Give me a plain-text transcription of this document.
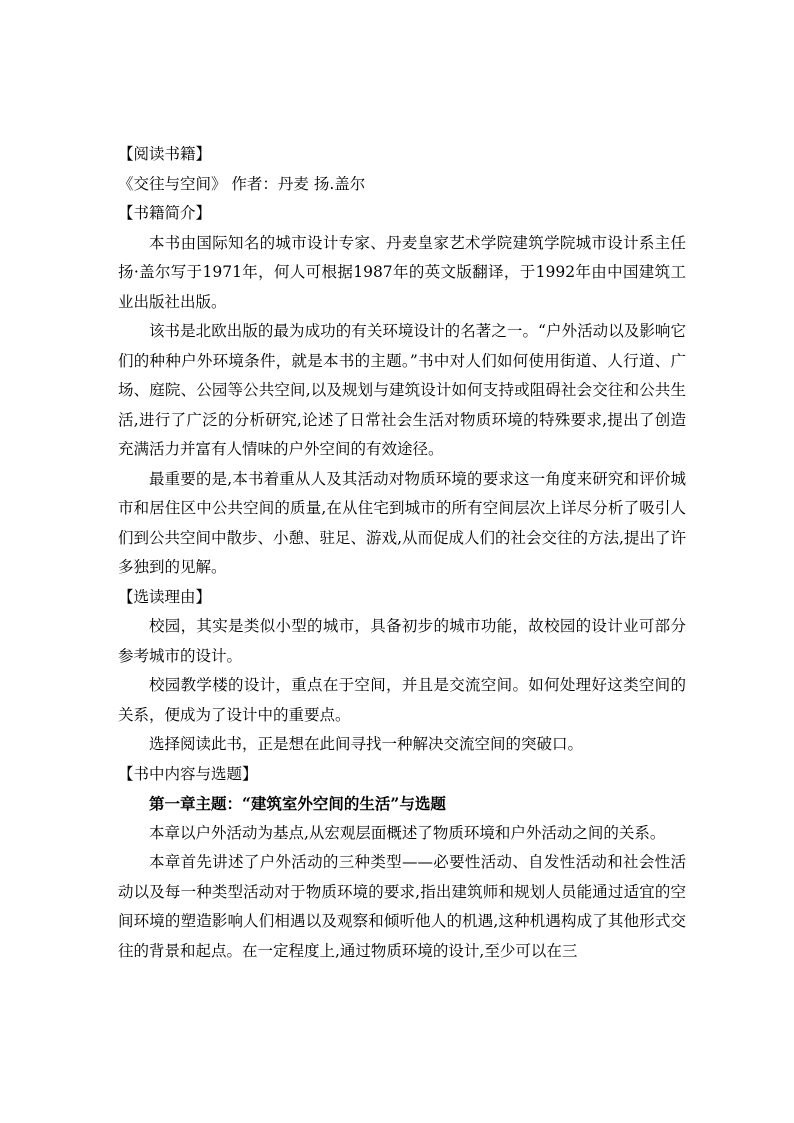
【阅读书籍】
《交往与空间》 作者：丹麦 扬.盖尔
【书籍简介】

本书由国际知名的城市设计专家、丹麦皇家艺术学院建筑学院城市设计系主任扬·盖尔写于1971年，何人可根据1987年的英文版翻译，于1992年由中国建筑工业出版社出版。

该书是北欧出版的最为成功的有关环境设计的名著之一。“户外活动以及影响它们的种种户外环境条件，就是本书的主题。”书中对人们如何使用街道、人行道、广场、庭院、公园等公共空间,以及规划与建筑设计如何支持或阻碍社会交往和公共生活,进行了广泛的分析研究,论述了日常社会生活对物质环境的特殊要求,提出了创造充满活力并富有人情味的户外空间的有效途径。

最重要的是,本书着重从人及其活动对物质环境的要求这一角度来研究和评价城市和居住区中公共空间的质量,在从住宅到城市的所有空间层次上详尽分析了吸引人们到公共空间中散步、小憩、驻足、游戏,从而促成人们的社会交往的方法,提出了许多独到的见解。

【选读理由】

校园，其实是类似小型的城市，具备初步的城市功能，故校园的设计业可部分参考城市的设计。

校园教学楼的设计，重点在于空间，并且是交流空间。如何处理好这类空间的关系，便成为了设计中的重要点。

选择阅读此书，正是想在此间寻找一种解决交流空间的突破口。

【书中内容与选题】

第一章主题：“建筑室外空间的生活”与选题

本章以户外活动为基点,从宏观层面概述了物质环境和户外活动之间的关系。

本章首先讲述了户外活动的三种类型——必要性活动、自发性活动和社会性活动以及每一种类型活动对于物质环境的要求,指出建筑师和规划人员能通过适宜的空间环境的塑造影响人们相遇以及观察和倾听他人的机遇,这种机遇构成了其他形式交往的背景和起点。在一定程度上,通过物质环境的设计,至少可以在三
